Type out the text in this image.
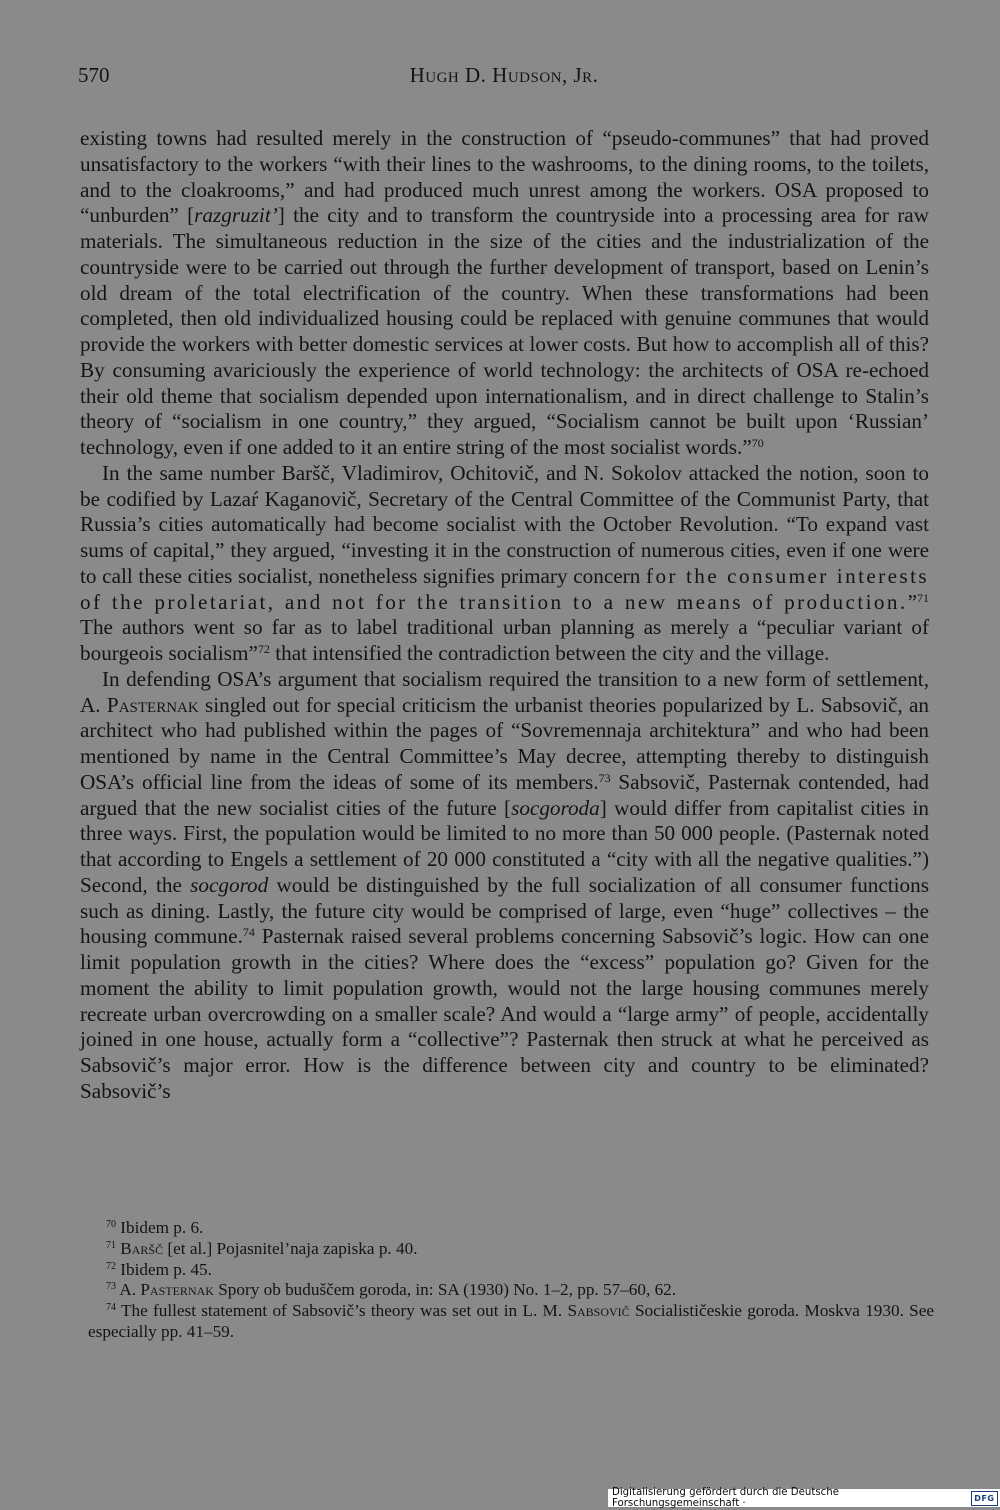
570	Hugh D. Hudson, Jr.

existing towns had resulted merely in the construction of “pseudo-communes” that had proved unsatisfactory to the workers “with their lines to the washrooms, to the dining rooms, to the toilets, and to the cloakrooms,” and had produced much unrest among the workers. OSA proposed to “unburden” [razgruzit’] the city and to transform the countryside into a processing area for raw materials. The simultaneous reduction in the size of the cities and the industrialization of the countryside were to be carried out through the further development of transport, based on Lenin’s old dream of the total electrification of the country. When these transformations had been completed, then old individualized housing could be replaced with genuine communes that would provide the workers with better domestic services at lower costs. But how to accomplish all of this? By consuming avariciously the experience of world technology: the architects of OSA re-echoed their old theme that socialism depended upon internationalism, and in direct challenge to Stalin’s theory of “socialism in one country,” they argued, “Socialism cannot be built upon ‘Russian’ technology, even if one added to it an entire string of the most socialist words.”$^{70}$

In the same number Baršč, Vladimirov, Ochitovič, and N. Sokolov attacked the notion, soon to be codified by Lazaŕ Kaganovič, Secretary of the Central Committee of the Communist Party, that Russia’s cities automatically had become socialist with the October Revolution. “To expand vast sums of capital,” they argued, “investing it in the construction of numerous cities, even if one were to call these cities socialist, nonetheless signifies primary concern for the consumer interests of the proletariat, and not for the transition to a new means of production.”$^{71}$ The authors went so far as to label traditional urban planning as merely a “peculiar variant of bourgeois socialism”$^{72}$ that intensified the contradiction between the city and the village.

In defending OSA’s argument that socialism required the transition to a new form of settlement, A. Pasternak singled out for special criticism the urbanist theories popularized by L. Sabsovič, an architect who had published within the pages of “Sovremennaja architektura” and who had been mentioned by name in the Central Committee’s May decree, attempting thereby to distinguish OSA’s official line from the ideas of some of its members.$^{73}$ Sabsovič, Pasternak contended, had argued that the new socialist cities of the future [socgoroda] would differ from capitalist cities in three ways. First, the population would be limited to no more than 50 000 people. (Pasternak noted that according to Engels a settlement of 20 000 constituted a “city with all the negative qualities.”) Second, the socgorod would be distinguished by the full socialization of all consumer functions such as dining. Lastly, the future city would be comprised of large, even “huge” collectives – the housing commune.$^{74}$ Pasternak raised several problems concerning Sabsovič’s logic. How can one limit population growth in the cities? Where does the “excess” population go? Given for the moment the ability to limit population growth, would not the large housing communes merely recreate urban overcrowding on a smaller scale? And would a “large army” of people, accidentally joined in one house, actually form a “collective”? Pasternak then struck at what he perceived as Sabsovič’s major error. How is the difference between city and country to be eliminated? Sabsovič’s

$^{70}$ Ibidem p. 6.

$^{71}$ Baršč [et al.] Pojasnitel’naja zapiska p. 40.

$^{72}$ Ibidem p. 45.

$^{73}$ A. Pasternak Spory ob buduščem goroda, in: SA (1930) No. 1–2, pp. 57–60, 62.

$^{74}$ The fullest statement of Sabsovič’s theory was set out in L. M. Sabsovič Socialističeskie goroda. Moskva 1930. See especially pp. 41–59.

Digitalisierung gefördert durch die Deutsche Forschungsgemeinschaft ·	DFG
